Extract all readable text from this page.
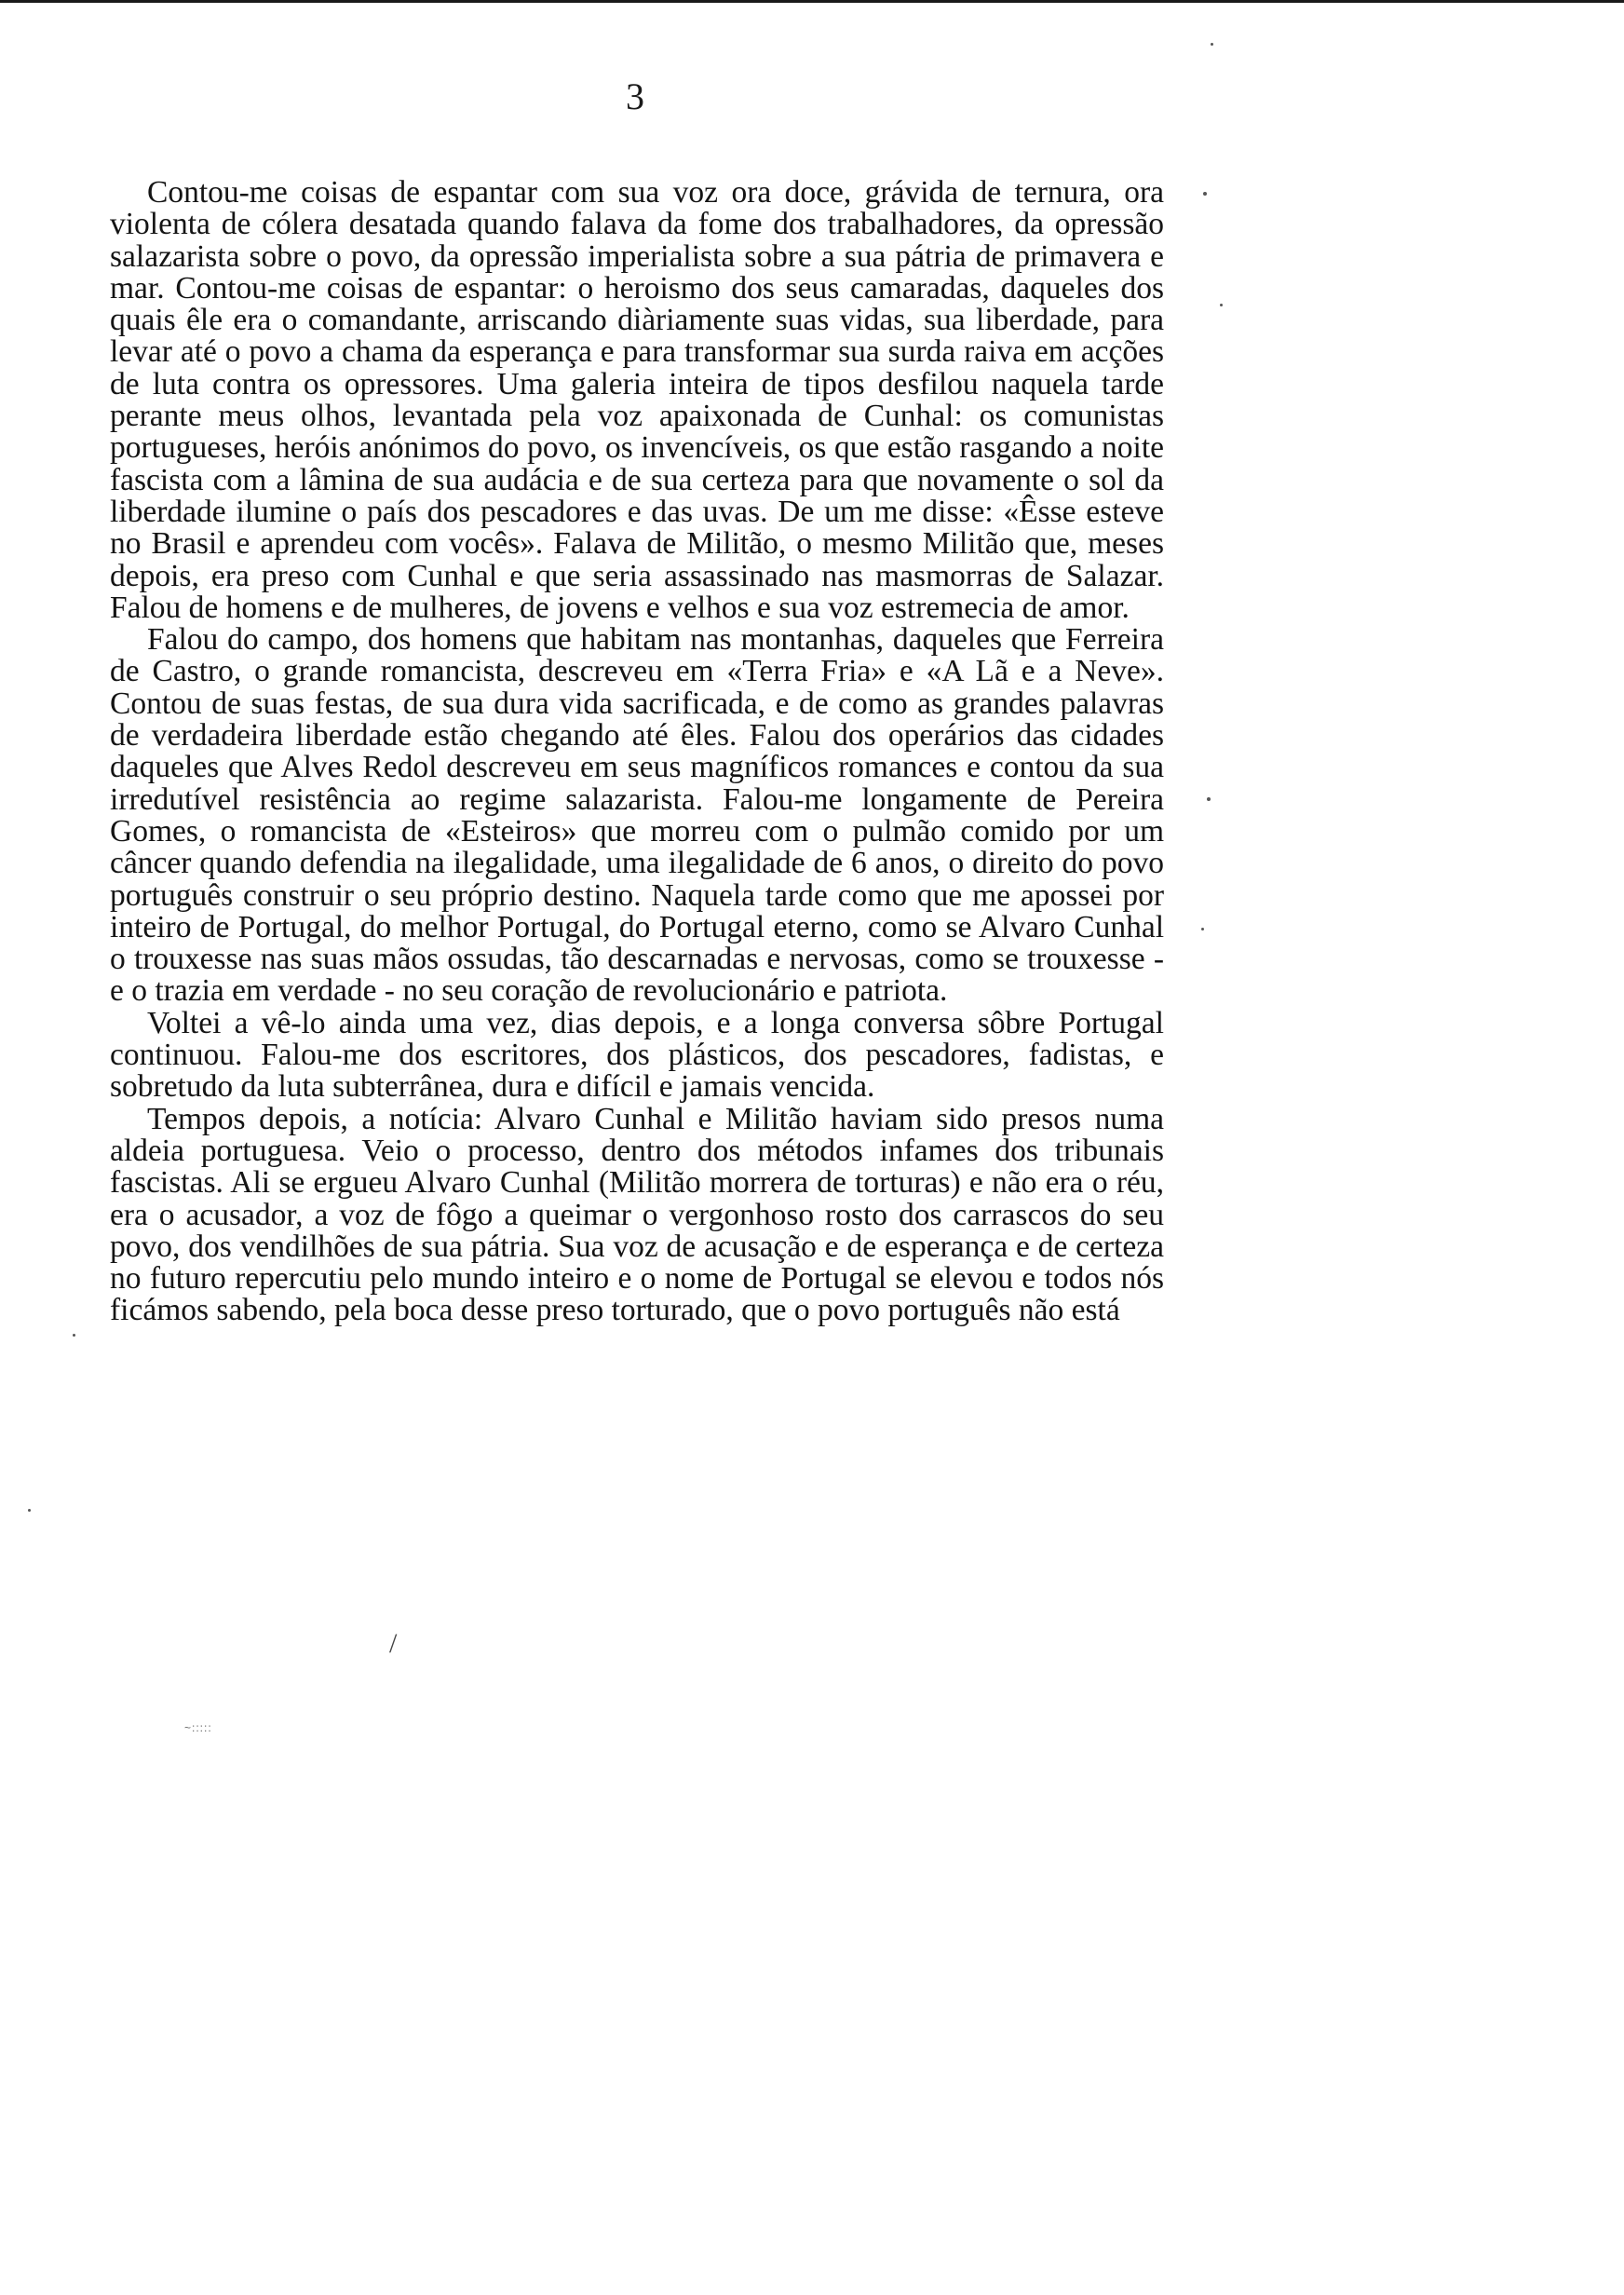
3

Contou-me coisas de espantar com sua voz ora doce, grávida de ternura, ora violenta de cólera desatada quando falava da fome dos trabalhadores, da opressão salazarista sobre o povo, da opressão imperialista sobre a sua pátria de primavera e mar. Contou-me coisas de espantar: o heroismo dos seus camaradas, daqueles dos quais êle era o comandante, arriscando diàriamente suas vidas, sua liberdade, para levar até o povo a chama da esperança e para transformar sua surda raiva em acções de luta contra os opressores. Uma galeria inteira de tipos desfilou naquela tarde perante meus olhos, levantada pela voz apaixonada de Cunhal: os comunistas portugueses, heróis anónimos do povo, os invencíveis, os que estão rasgando a noite fascista com a lâmina de sua audácia e de sua certeza para que novamente o sol da liberdade ilumine o país dos pescadores e das uvas. De um me disse: «Êsse esteve no Brasil e aprendeu com vocês». Falava de Militão, o mesmo Militão que, meses depois, era preso com Cunhal e que seria assassinado nas masmorras de Salazar. Falou de homens e de mulheres, de jovens e velhos e sua voz estremecia de amor.

Falou do campo, dos homens que habitam nas montanhas, daqueles que Ferreira de Castro, o grande romancista, descreveu em «Terra Fria» e «A Lã e a Neve». Contou de suas festas, de sua dura vida sacrificada, e de como as grandes palavras de verdadeira liberdade estão chegando até êles. Falou dos operários das cidades daqueles que Alves Redol descreveu em seus magníficos romances e contou da sua irredutível resistência ao regime salazarista. Falou-me longamente de Pereira Gomes, o romancista de «Esteiros» que morreu com o pulmão comido por um câncer quando defendia na ilegalidade, uma ilegalidade de 6 anos, o direito do povo português construir o seu próprio destino. Naquela tarde como que me apossei por inteiro de Portugal, do melhor Portugal, do Portugal eterno, como se Alvaro Cunhal o trouxesse nas suas mãos ossudas, tão descarnadas e nervosas, como se trouxesse - e o trazia em verdade - no seu coração de revolucionário e patriota.

Voltei a vê-lo ainda uma vez, dias depois, e a longa conversa sôbre Portugal continuou. Falou-me dos escritores, dos plásticos, dos pescadores, fadistas, e sobretudo da luta subterrânea, dura e difícil e jamais vencida.

Tempos depois, a notícia: Alvaro Cunhal e Militão haviam sido presos numa aldeia portuguesa. Veio o processo, dentro dos métodos infames dos tribunais fascistas. Ali se ergueu Alvaro Cunhal (Militão morrera de torturas) e não era o réu, era o acusador, a voz de fôgo a queimar o vergonhoso rosto dos carrascos do seu povo, dos vendilhões de sua pátria. Sua voz de acusação e de esperança e de certeza no futuro repercutiu pelo mundo inteiro e o nome de Portugal se elevou e todos nós ficámos sabendo, pela boca desse preso torturado, que o povo português não está

/
~:::::
